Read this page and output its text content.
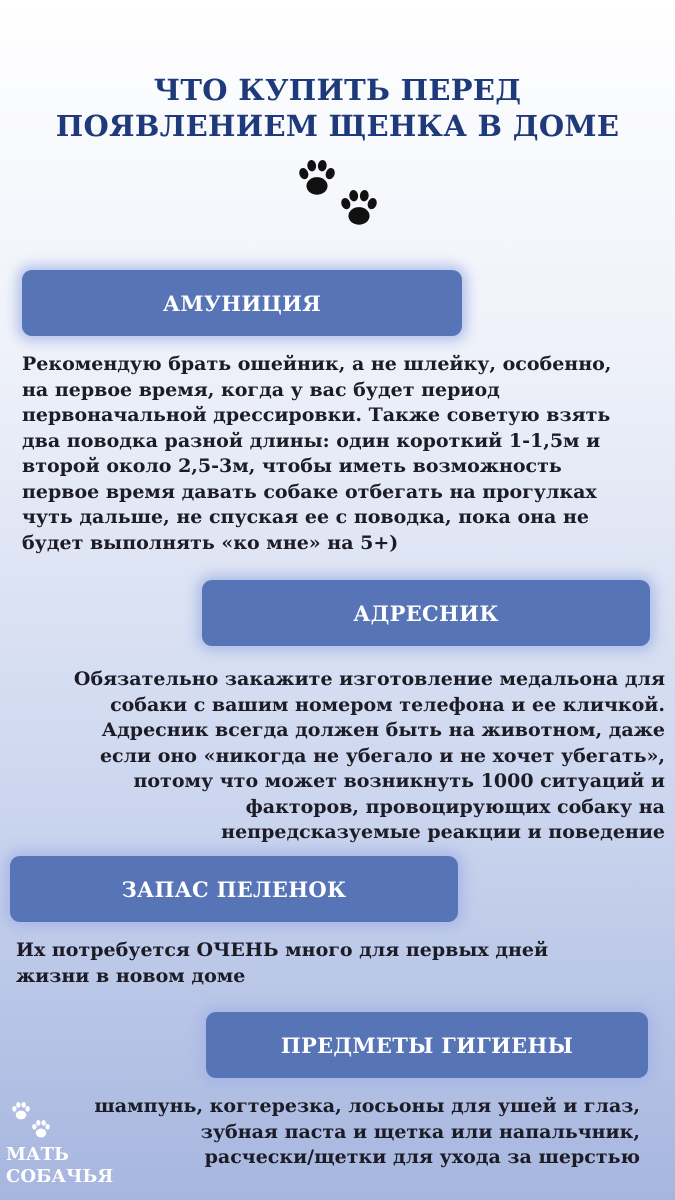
ЧТО КУПИТЬ ПЕРЕД
ПОЯВЛЕНИЕМ ЩЕНКА В ДОМЕ
АМУНИЦИЯ
Рекомендую брать ошейник, а не шлейку, особенно,
на первое время, когда у вас будет период
первоначальной дрессировки. Также советую взять
два поводка разной длины: один короткий 1-1,5м и
второй около 2,5-3м, чтобы иметь возможность
первое время давать собаке отбегать на прогулках
чуть дальше, не спуская ее с поводка, пока она не
будет выполнять «ко мне» на 5+)
АДРЕСНИК
Обязательно закажите изготовление медальона для
собаки с вашим номером телефона и ее кличкой.
Адресник всегда должен быть на животном, даже
если оно «никогда не убегало и не хочет убегать»,
потому что может возникнуть 1000 ситуаций и
факторов, провоцирующих собаку на
непредсказуемые реакции и поведение
ЗАПАС ПЕЛЕНОК
Их потребуется ОЧЕНЬ много для первых дней
жизни в новом доме
ПРЕДМЕТЫ ГИГИЕНЫ
шампунь, когтерезка, лосьоны для ушей и глаз,
зубная паста и щетка или напальчник,
расчески/щетки для ухода за шерстью
МАТЬ
СОБАЧЬЯ
